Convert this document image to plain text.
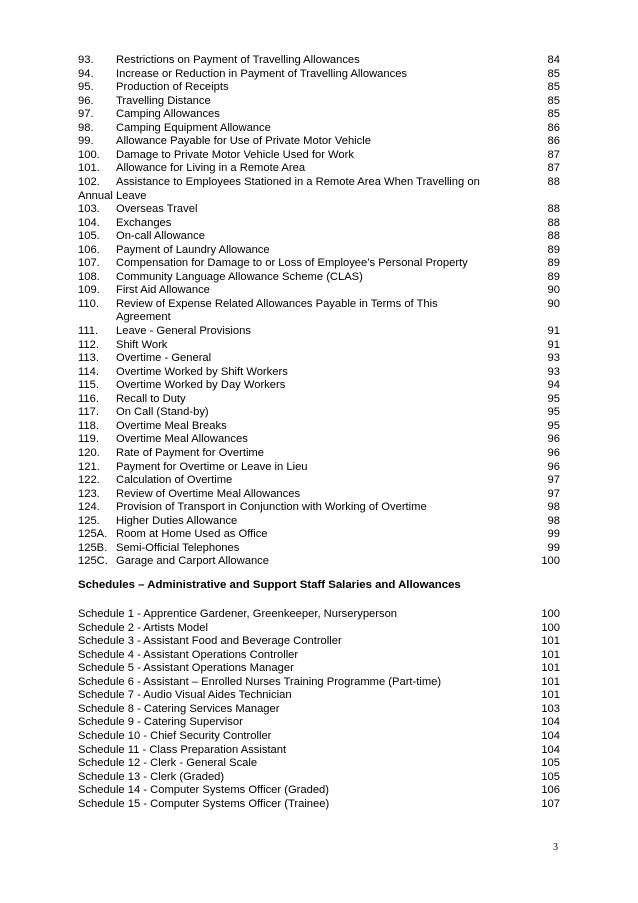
93. Restrictions on Payment of Travelling Allowances	84
94. Increase or Reduction in Payment of Travelling Allowances	85
95. Production of Receipts	85
96. Travelling Distance	85
97. Camping Allowances	85
98. Camping Equipment Allowance	86
99. Allowance Payable for Use of Private Motor Vehicle	86
100. Damage to Private Motor Vehicle Used for Work	87
101. Allowance for Living in a Remote Area	87
102. Assistance to Employees Stationed in a Remote Area When Travelling on	88
Annual Leave
103. Overseas Travel	88
104. Exchanges	88
105. On-call Allowance	88
106. Payment of Laundry Allowance	89
107. Compensation for Damage to or Loss of Employee’s Personal Property	89
108. Community Language Allowance Scheme (CLAS)	89
109. First Aid Allowance	90
110. Review of Expense Related Allowances Payable in Terms of This	90
Agreement
111. Leave - General Provisions	91
112. Shift Work	91
113. Overtime - General	93
114. Overtime Worked by Shift Workers	93
115. Overtime Worked by Day Workers	94
116. Recall to Duty	95
117. On Call (Stand-by)	95
118. Overtime Meal Breaks	95
119. Overtime Meal Allowances	96
120. Rate of Payment for Overtime	96
121. Payment for Overtime or Leave in Lieu	96
122. Calculation of Overtime	97
123. Review of Overtime Meal Allowances	97
124. Provision of Transport in Conjunction with Working of Overtime	98
125. Higher Duties Allowance	98
125A. Room at Home Used as Office	99
125B. Semi-Official Telephones	99
125C. Garage and Carport Allowance	100
Schedules – Administrative and Support Staff Salaries and Allowances
Schedule 1 - Apprentice Gardener, Greenkeeper, Nurseryperson	100
Schedule 2 - Artists Model	100
Schedule 3 - Assistant Food and Beverage Controller	101
Schedule 4 - Assistant Operations Controller	101
Schedule 5 - Assistant Operations Manager	101
Schedule 6 - Assistant – Enrolled Nurses Training Programme (Part-time)	101
Schedule 7 - Audio Visual Aides Technician	101
Schedule 8 - Catering Services Manager	103
Schedule 9 - Catering Supervisor	104
Schedule 10 - Chief Security Controller	104
Schedule 11 - Class Preparation Assistant	104
Schedule 12 - Clerk - General Scale	105
Schedule 13 - Clerk (Graded)	105
Schedule 14 - Computer Systems Officer (Graded)	106
Schedule 15 - Computer Systems Officer (Trainee)	107
3
